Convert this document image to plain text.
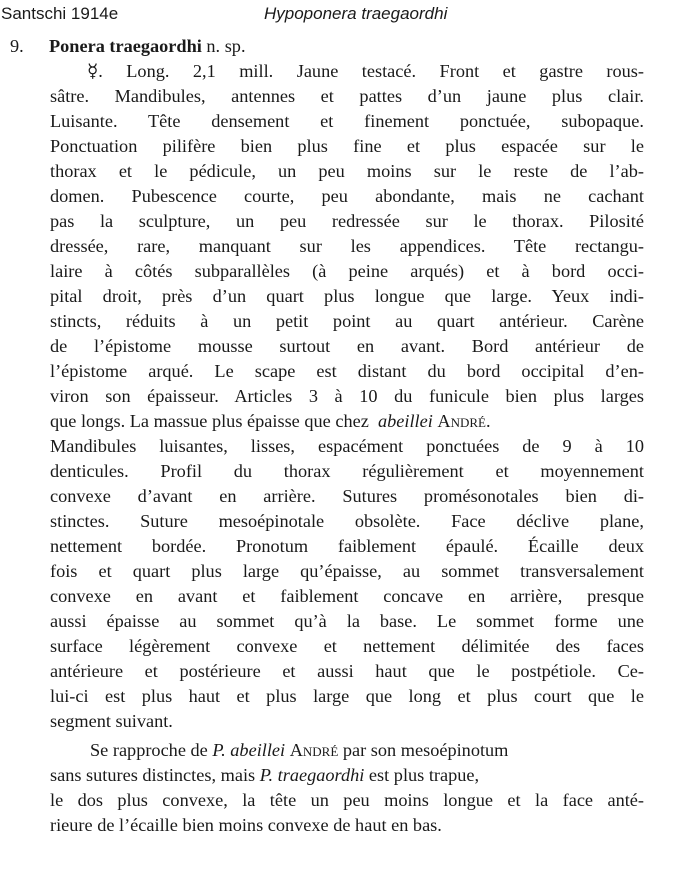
Santschi 1914e	Hypoponera traegaordhi
9. Ponera traegaordhi n. sp.
☿. Long. 2,1 mill. Jaune testacé. Front et gastre rous-
sâtre. Mandibules, antennes et pattes d’un jaune plus clair.
Luisante. Tête densement et finement ponctuée, subopaque.
Ponctuation pilifère bien plus fine et plus espacée sur le
thorax et le pédicule, un peu moins sur le reste de l’ab-
domen. Pubescence courte, peu abondante, mais ne cachant
pas la sculpture, un peu redressée sur le thorax. Pilosité
dressée, rare, manquant sur les appendices. Tête rectangu-
laire à côtés subparallèles (à peine arqués) et à bord occi-
pital droit, près d’un quart plus longue que large. Yeux indi-
stincts, réduits à un petit point au quart antérieur. Carène
de l’épistome mousse surtout en avant. Bord antérieur de
l’épistome arqué. Le scape est distant du bord occipital d’en-
viron son épaisseur. Articles 3 à 10 du funicule bien plus larges
que longs. La massue plus épaisse que chez abeillei André.
Mandibules luisantes, lisses, espacément ponctuées de 9 à 10
denticules. Profil du thorax régulièrement et moyennement
convexe d’avant en arrière. Sutures promésonotales bien di-
stinctes. Suture mesoépinotale obsolète. Face déclive plane,
nettement bordée. Pronotum faiblement épaulé. Écaille deux
fois et quart plus large qu’épaisse, au sommet transversalement
convexe en avant et faiblement concave en arrière, presque
aussi épaisse au sommet qu’à la base. Le sommet forme une
surface légèrement convexe et nettement délimitée des faces
antérieure et postérieure et aussi haut que le postpétiole. Ce-
lui-ci est plus haut et plus large que long et plus court que le
segment suivant.
Se rapproche de P. abeillei André par son mesoépinotum
sans sutures distinctes, mais P. traegaordhi est plus trapue,
le dos plus convexe, la tête un peu moins longue et la face anté-
rieure de l’écaille bien moins convexe de haut en bas.
